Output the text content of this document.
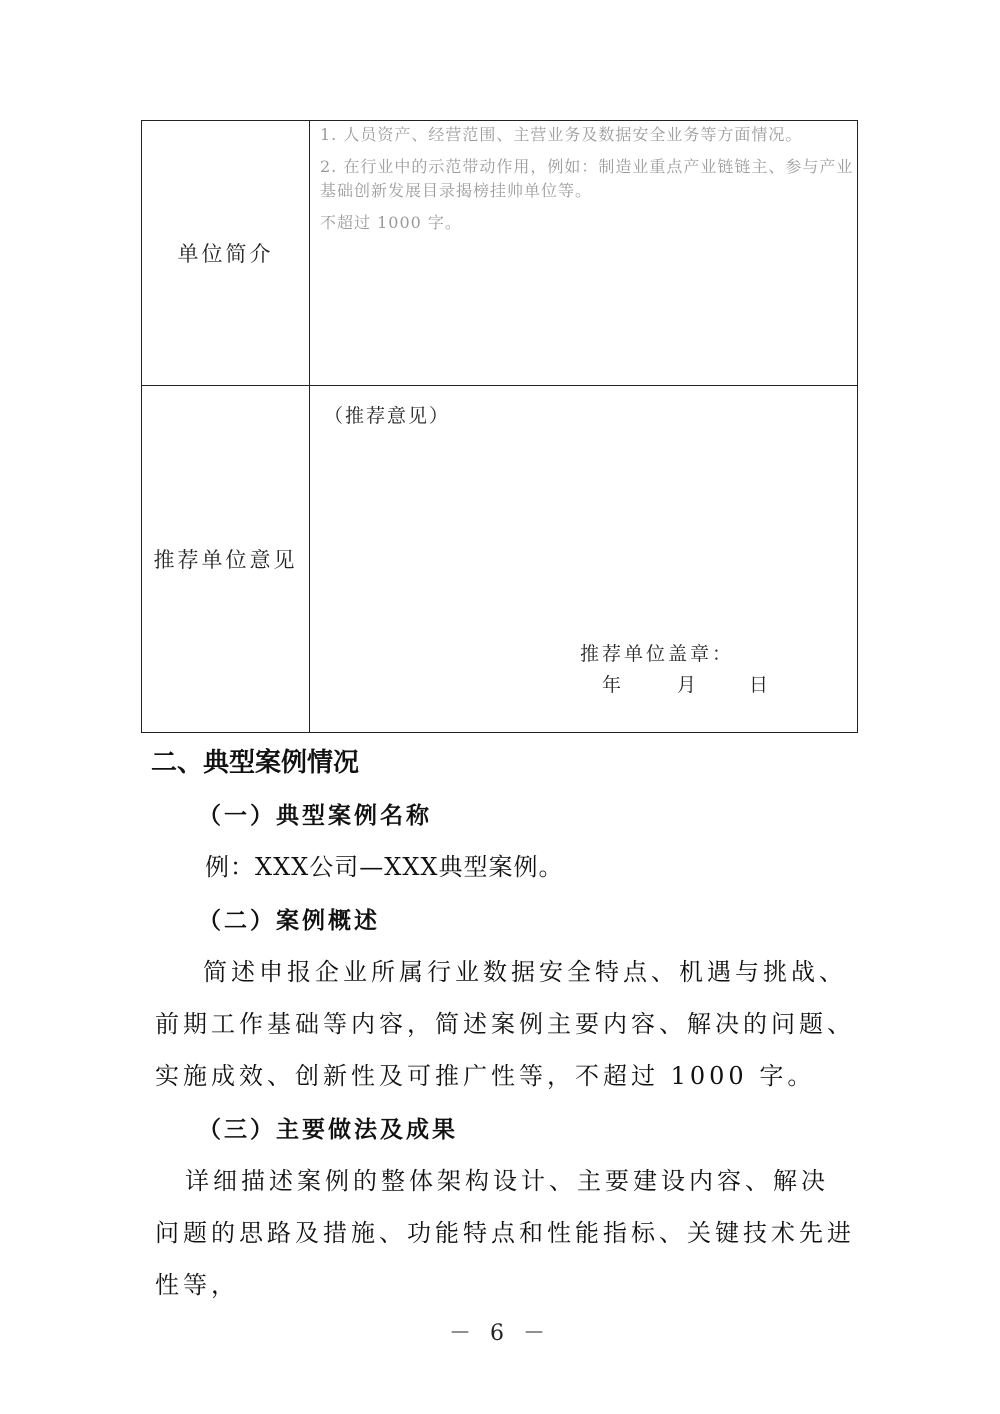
单位简介

1. 人员资产、经营范围、主营业务及数据安全业务等方面情况。

2. 在行业中的示范带动作用，例如：制造业重点产业链链主、参与产业基础创新发展目录揭榜挂帅单位等。

不超过 1000 字。

推荐单位意见
（推荐意见）
推荐单位盖章：
年	月	日
二、典型案例情况
（一）典型案例名称
例：XXX公司—XXX典型案例。
（二）案例概述
简述申报企业所属行业数据安全特点、机遇与挑战、前期工作基础等内容，简述案例主要内容、解决的问题、实施成效、创新性及可推广性等，不超过 1000 字。
（三）主要做法及成果
详细描述案例的整体架构设计、主要建设内容、解决问题的思路及措施、功能特点和性能指标、关键技术先进性等，
－ 6 －
